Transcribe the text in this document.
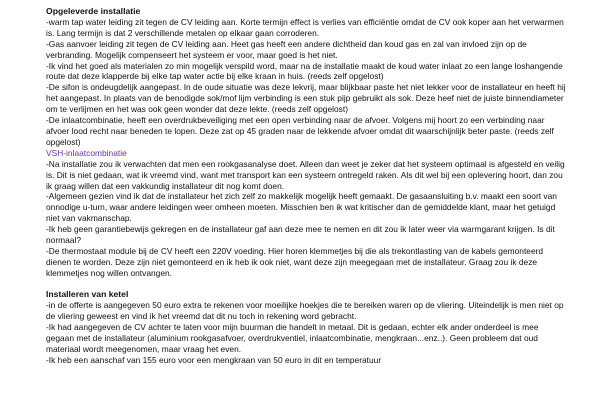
Opgeleverde installatie

-warm tap water leiding zit tegen de CV leiding aan. Korte termijn effect is verlies van efficiëntie omdat de CV ook koper aan het verwarmen is. Lang termijn is dat 2 verschillende metalen op elkaar gaan corroderen.

-Gas aanvoer leiding zit tegen de CV leiding aan. Heet gas heeft een andere dichtheid dan koud gas en zal van invloed zijn op de verbranding. Mogelijk compenseert het systeem er voor, maar goed is het niet.

-Ik vind het goed als materialen zo min mogelijk verspild word, maar na de installatie maakt de koud water inlaat zo een lange loshangende route dat deze klapperde bij elke tap water actie bij elke kraan in huis. (reeds zelf opgelost)

-De sifon is ondeugdelijk aangepast. In de oude situatie was deze lekvrij, maar blijkbaar paste het niet lekker voor de installateur en heeft hij het aangepast. In plaats van de benodigde sok/mof lijm verbinding is een stuk pijp gebruikt als sok. Deze heef niet de juiste binnendiameter om te verlijmen en het was ook geen wonder dat deze lekte. (reeds zelf opgelost)

-De inlaatcombinatie, heeft een overdrukbeveiliging met een open verbinding naar de afvoer. Volgens mij hoort zo een verbinding naar afvoer lood recht naar beneden te lopen. Deze zat op 45 graden naar de lekkende afvoer omdat dit waarschijnlijk beter paste. (reeds zelf opgelost)

VSH-inlaatcombinatie

-Na installatie zou ik verwachten dat men een rookgasanalyse doet. Alleen dan weet je zeker dat het systeem optimaal is afgesteld en veilig is. Dit is niet gedaan, wat ik vreemd vind, want met transport kan een systeem ontregeld raken. Als dit wel bij een oplevering hoort, dan zou ik graag willen dat een vakkundig installateur dit nog komt doen.

-Algemeen gezien vind ik dat de installateur het zich zelf zo makkelijk mogelijk heeft gemaakt. De gasaansluiting b.v. maakt een soort van onnodige u-turn, waar andere leidingen weer omheen moeten. Misschien ben ik wat kritischer dan de gemiddelde klant, maar het getuigd niet van vakmanschap.

-Ik heb geen garantiebewijs gekregen en de installateur gaf aan deze mee te nemen en dit zou ik later weer via warmgarant krijgen. Is dit normaal?

-De thermostaat module bij de CV heeft een 220V voeding. Hier horen klemmetjes bij die als trekontlasting van de kabels gemonteerd dienen te worden. Deze zijn niet gemonteerd en ik heb ik ook niet, want deze zijn meegegaan met de installateur. Graag zou ik deze klemmetjes nog willen ontvangen.

Installeren van ketel

-in de offerte is aangegeven 50 euro extra te rekenen voor moeilijke hoekjes die te bereiken waren op de vliering. Uiteindelijk is men niet op de vliering geweest en vind ik het vreemd dat dit nu toch in rekening word gebracht.

-Ik had aangegeven de CV achter te laten voor mijn buurman die handelt in metaal. Dit is gedaan, echter elk ander onderdeel is mee gegaan met de installateur (aluminium rookgasafvoer, overdrukventiel, inlaatcombinatie, mengkraan...enz..). Geen probleem dat oud materiaal wordt meegenomen, maar vraag het even.

-Ik heb een aanschaf van 155 euro voor een mengkraan van 50 euro in dit en temperatuur
